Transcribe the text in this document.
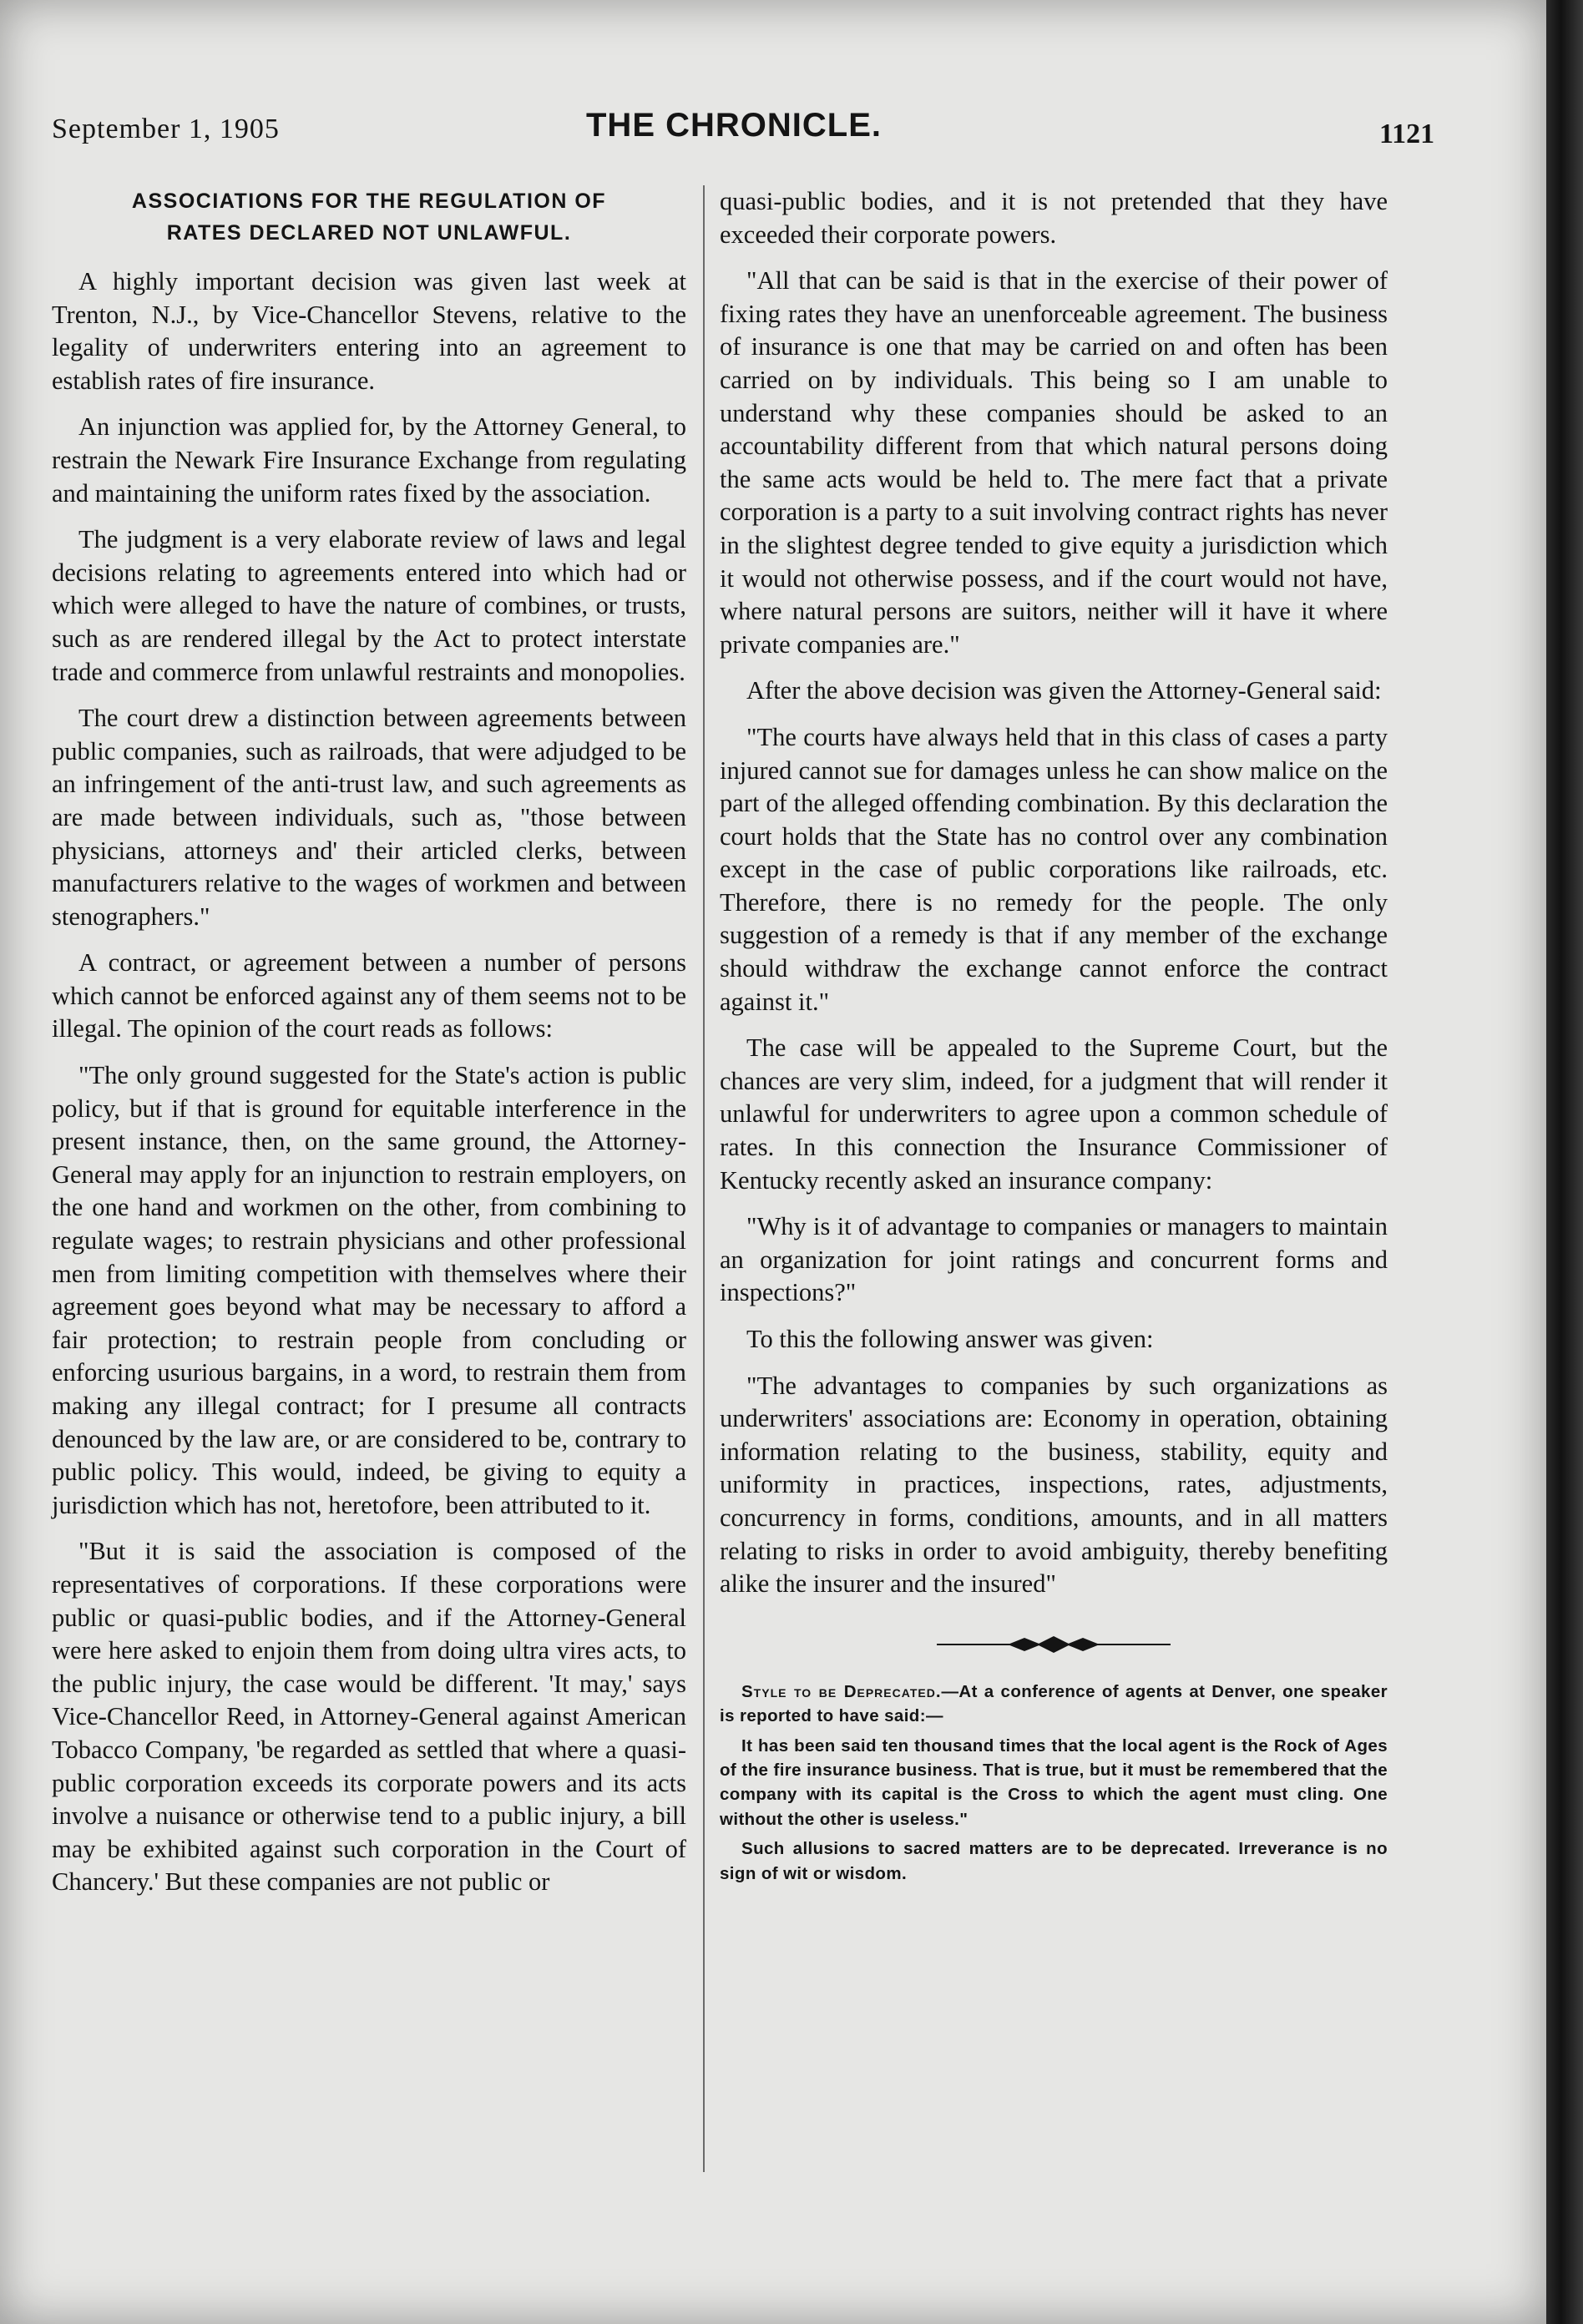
September 1, 1905	THE CHRONICLE.	1121
ASSOCIATIONS FOR THE REGULATION OF
RATES DECLARED NOT UNLAWFUL.

A highly important decision was given last week at Trenton, N.J., by Vice-Chancellor Stevens, relative to the legality of underwriters entering into an agreement to establish rates of fire insurance.

An injunction was applied for, by the Attorney General, to restrain the Newark Fire Insurance Exchange from regulating and maintaining the uniform rates fixed by the association.

The judgment is a very elaborate review of laws and legal decisions relating to agreements entered into which had or which were alleged to have the nature of combines, or trusts, such as are rendered illegal by the Act to protect interstate trade and commerce from unlawful restraints and monopolies.

The court drew a distinction between agreements between public companies, such as railroads, that were adjudged to be an infringement of the anti-trust law, and such agreements as are made between individuals, such as, "those between physicians, attorneys and' their articled clerks, between manufacturers relative to the wages of workmen and between stenographers."

A contract, or agreement between a number of persons which cannot be enforced against any of them seems not to be illegal. The opinion of the court reads as follows:

"The only ground suggested for the State's action is public policy, but if that is ground for equitable interference in the present instance, then, on the same ground, the Attorney-General may apply for an injunction to restrain employers, on the one hand and workmen on the other, from combining to regulate wages; to restrain physicians and other professional men from limiting competition with themselves where their agreement goes beyond what may be necessary to afford a fair protection; to restrain people from concluding or enforcing usurious bargains, in a word, to restrain them from making any illegal contract; for I presume all contracts denounced by the law are, or are considered to be, contrary to public policy. This would, indeed, be giving to equity a jurisdiction which has not, heretofore, been attributed to it.

"But it is said the association is composed of the representatives of corporations. If these corporations were public or quasi-public bodies, and if the Attorney-General were here asked to enjoin them from doing ultra vires acts, to the public injury, the case would be different. 'It may,' says Vice-Chancellor Reed, in Attorney-General against American Tobacco Company, 'be regarded as settled that where a quasi-public corporation exceeds its corporate powers and its acts involve a nuisance or otherwise tend to a public injury, a bill may be exhibited against such corporation in the Court of Chancery.' But these companies are not public or

quasi-public bodies, and it is not pretended that they have exceeded their corporate powers.

"All that can be said is that in the exercise of their power of fixing rates they have an unenforceable agreement. The business of insurance is one that may be carried on and often has been carried on by individuals. This being so I am unable to understand why these companies should be asked to an accountability different from that which natural persons doing the same acts would be held to. The mere fact that a private corporation is a party to a suit involving contract rights has never in the slightest degree tended to give equity a jurisdiction which it would not otherwise possess, and if the court would not have, where natural persons are suitors, neither will it have it where private companies are."

After the above decision was given the Attorney-General said:

"The courts have always held that in this class of cases a party injured cannot sue for damages unless he can show malice on the part of the alleged offending combination. By this declaration the court holds that the State has no control over any combination except in the case of public corporations like railroads, etc. Therefore, there is no remedy for the people. The only suggestion of a remedy is that if any member of the exchange should withdraw the exchange cannot enforce the contract against it."

The case will be appealed to the Supreme Court, but the chances are very slim, indeed, for a judgment that will render it unlawful for underwriters to agree upon a common schedule of rates. In this connection the Insurance Commissioner of Kentucky recently asked an insurance company:

"Why is it of advantage to companies or managers to maintain an organization for joint ratings and concurrent forms and inspections?"

To this the following answer was given:

"The advantages to companies by such organizations as underwriters' associations are: Economy in operation, obtaining information relating to the business, stability, equity and uniformity in practices, inspections, rates, adjustments, concurrency in forms, conditions, amounts, and in all matters relating to risks in order to avoid ambiguity, thereby benefiting alike the insurer and the insured"

Style to be Deprecated.—At a conference of agents at Denver, one speaker is reported to have said:—

It has been said ten thousand times that the local agent is the Rock of Ages of the fire insurance business. That is true, but it must be remembered that the company with its capital is the Cross to which the agent must cling. One without the other is useless."

Such allusions to sacred matters are to be deprecated. Irreverance is no sign of wit or wisdom.
